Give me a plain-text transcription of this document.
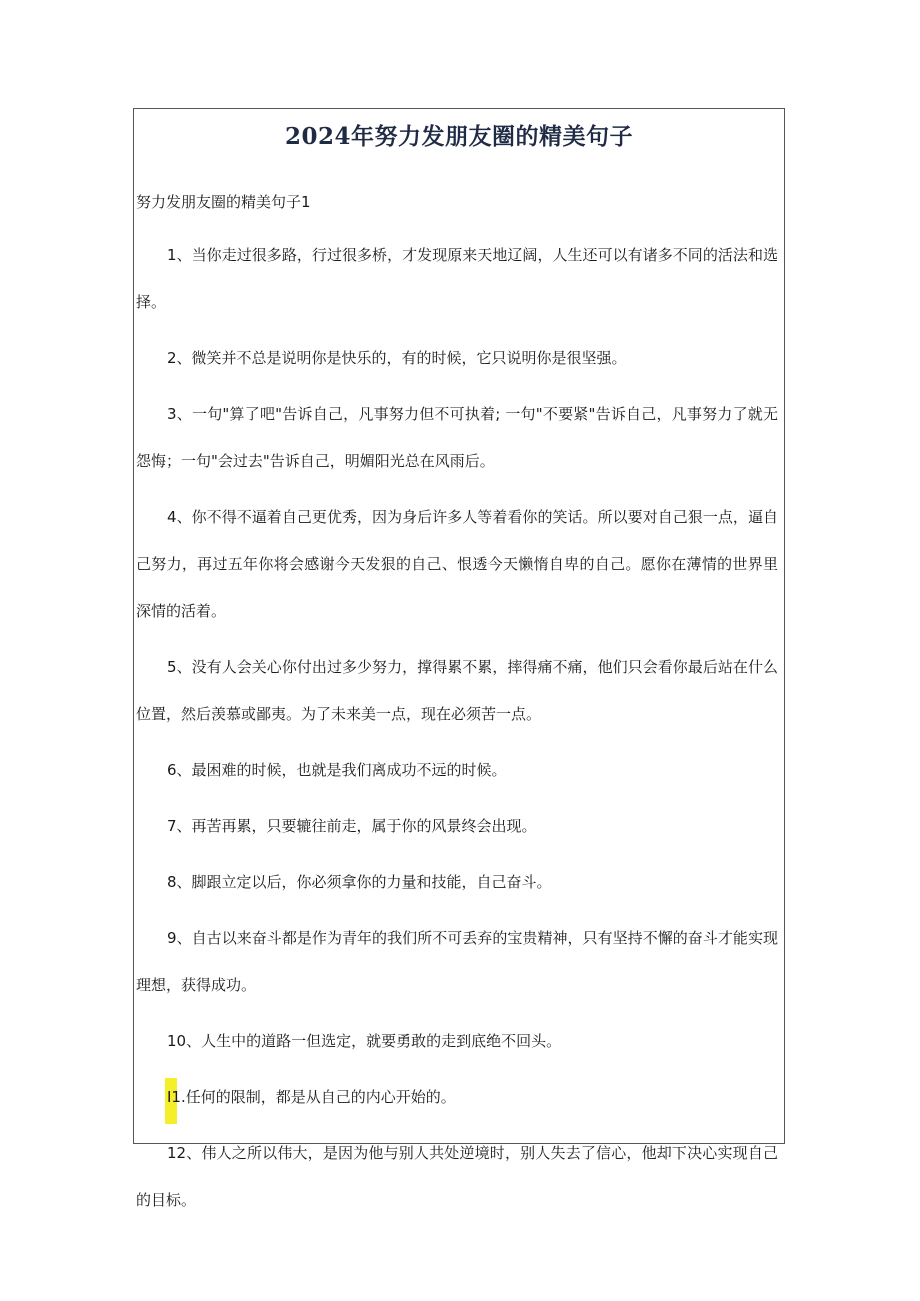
2024年努力发朋友圈的精美句子

努力发朋友圈的精美句子1

1、当你走过很多路，行过很多桥，才发现原来天地辽阔，人生还可以有诸多不同的活法和选择。

2、微笑并不总是说明你是快乐的，有的时候，它只说明你是很坚强。

3、一句"算了吧"告诉自己，凡事努力但不可执着; 一句"不要紧"告诉自己，凡事努力了就无怨悔；一句"会过去"告诉自己，明媚阳光总在风雨后。

4、你不得不逼着自己更优秀，因为身后许多人等着看你的笑话。所以要对自己狠一点，逼自己努力，再过五年你将会感谢今天发狠的自己、恨透今天懒惰自卑的自己。愿你在薄情的世界里深情的活着。

5、没有人会关心你付出过多少努力，撑得累不累，摔得痛不痛，他们只会看你最后站在什么位置，然后羡慕或鄙夷。为了未来美一点，现在必须苦一点。

6、最困难的时候，也就是我们离成功不远的时候。

7、再苦再累，只要辘往前走，属于你的风景终会出现。

8、脚跟立定以后，你必须拿你的力量和技能，自己奋斗。

9、自古以来奋斗都是作为青年的我们所不可丢弃的宝贵精神，只有坚持不懈的奋斗才能实现理想，获得成功。

10、人生中的道路一但选定，就要勇敢的走到底绝不回头。

I1.任何的限制，都是从自己的内心开始的。

12、伟人之所以伟大，是因为他与别人共处逆境时，别人失去了信心，他却下决心实现自己的目标。
